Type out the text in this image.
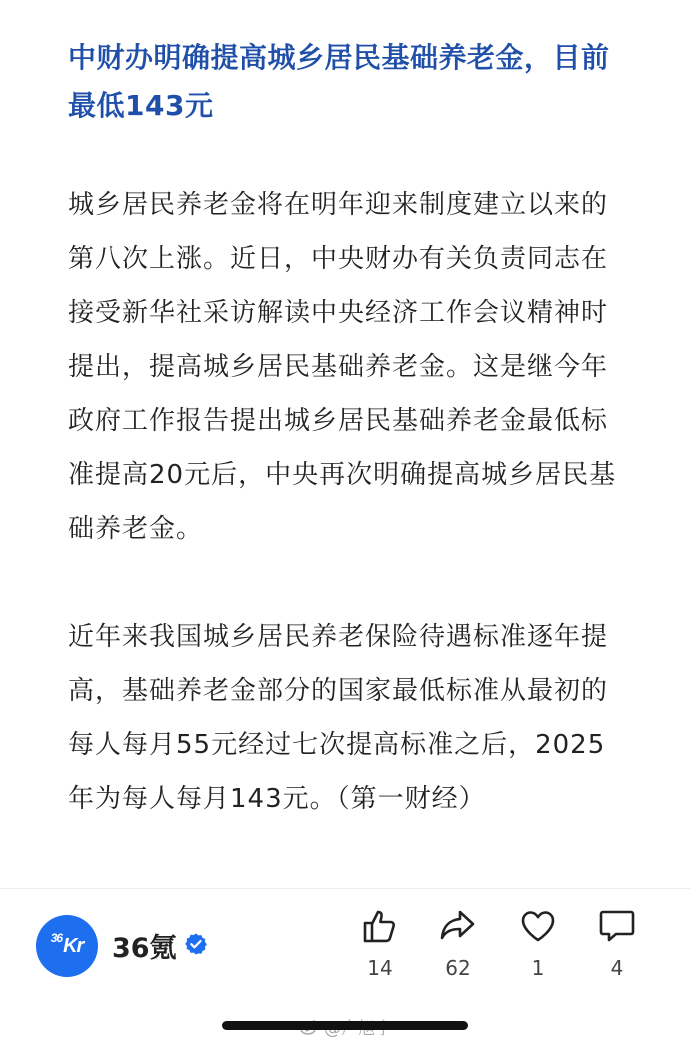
中财办明确提高城乡居民基础养老金，目前最低143元

城乡居民养老金将在明年迎来制度建立以来的第八次上涨。近日，中央财办有关负责同志在接受新华社采访解读中央经济工作会议精神时提出，提高城乡居民基础养老金。这是继今年政府工作报告提出城乡居民基础养老金最低标准提高20元后，中央再次明确提高城乡居民基础养老金。

近年来我国城乡居民养老保险待遇标准逐年提高，基础养老金部分的国家最低标准从最初的每人每月55元经过七次提高标准之后，2025年为每人每月143元。（第一财经）

36 Kr 36氪
14	62	1	4
